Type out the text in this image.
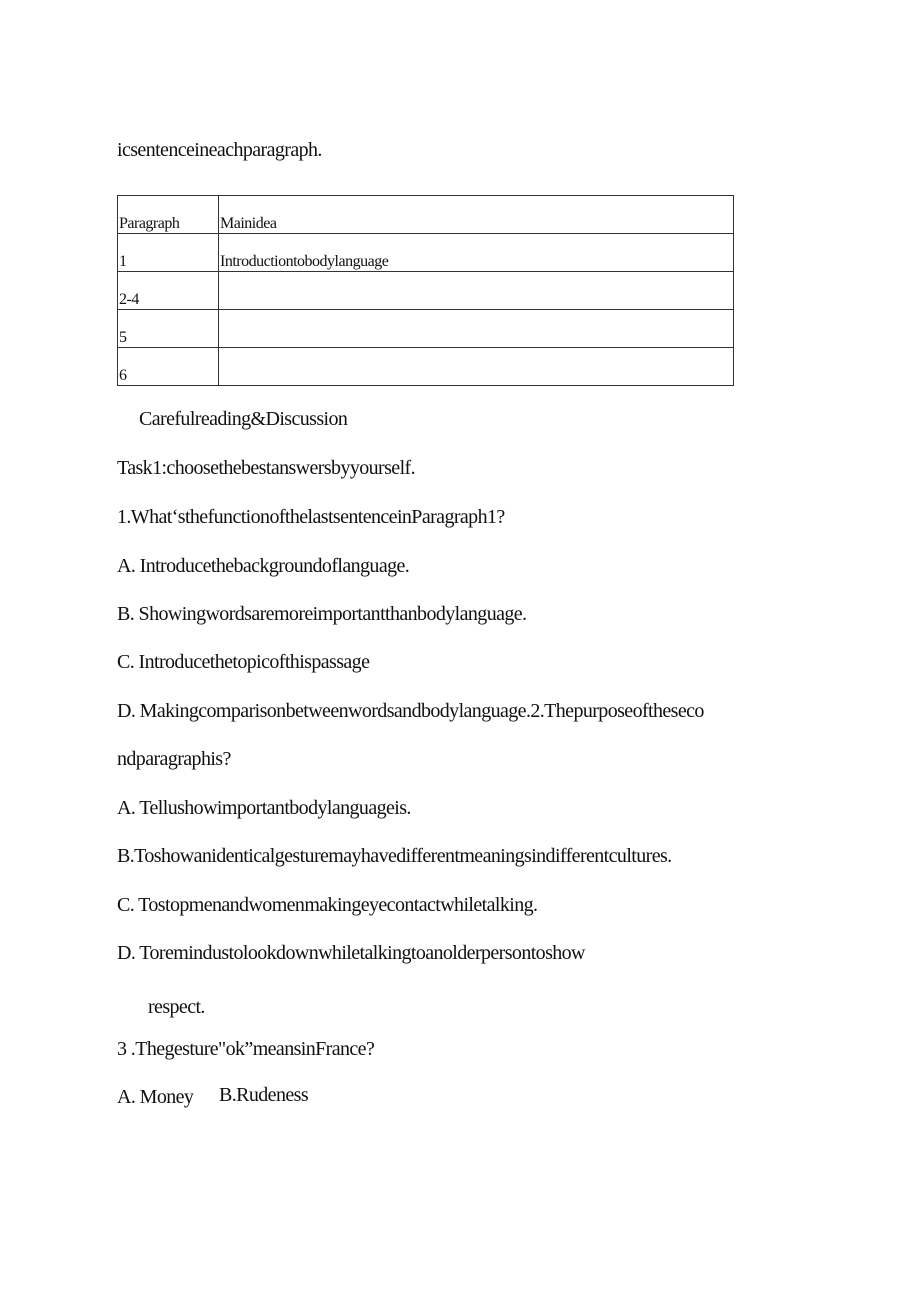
icsentenceineachparagraph.
Paragraph	Mainidea
1	Introductiontobodylanguage
2-4	
5	
6	
Carefulreading&Discussion
Task1:choosethebestanswersbyyourself.
1.What‘sthefunctionofthelastsentenceinParagraph1?
A. Introducethebackgroundoflanguage.
B. Showingwordsaremoreimportantthanbodylanguage.
C. Introducethetopicofthispassage
D. Makingcomparisonbetweenwordsandbodylanguage.2.Thepurposeofthesecο
ndparagraphis?
A. Tellushowimportantbodylanguageis.
B.Toshowanidenticalgesturemayhavedifferentmeaningsindifferentcultures.
C. Tostopmenandwomenmakingeyecontactwhiletalking.
D. Toremindustolookdownwhiletalkingtoanolderpersontoshow
respect.
3 .Thegesture"ok”meansinFrance?
A. Money B.Rudeness
